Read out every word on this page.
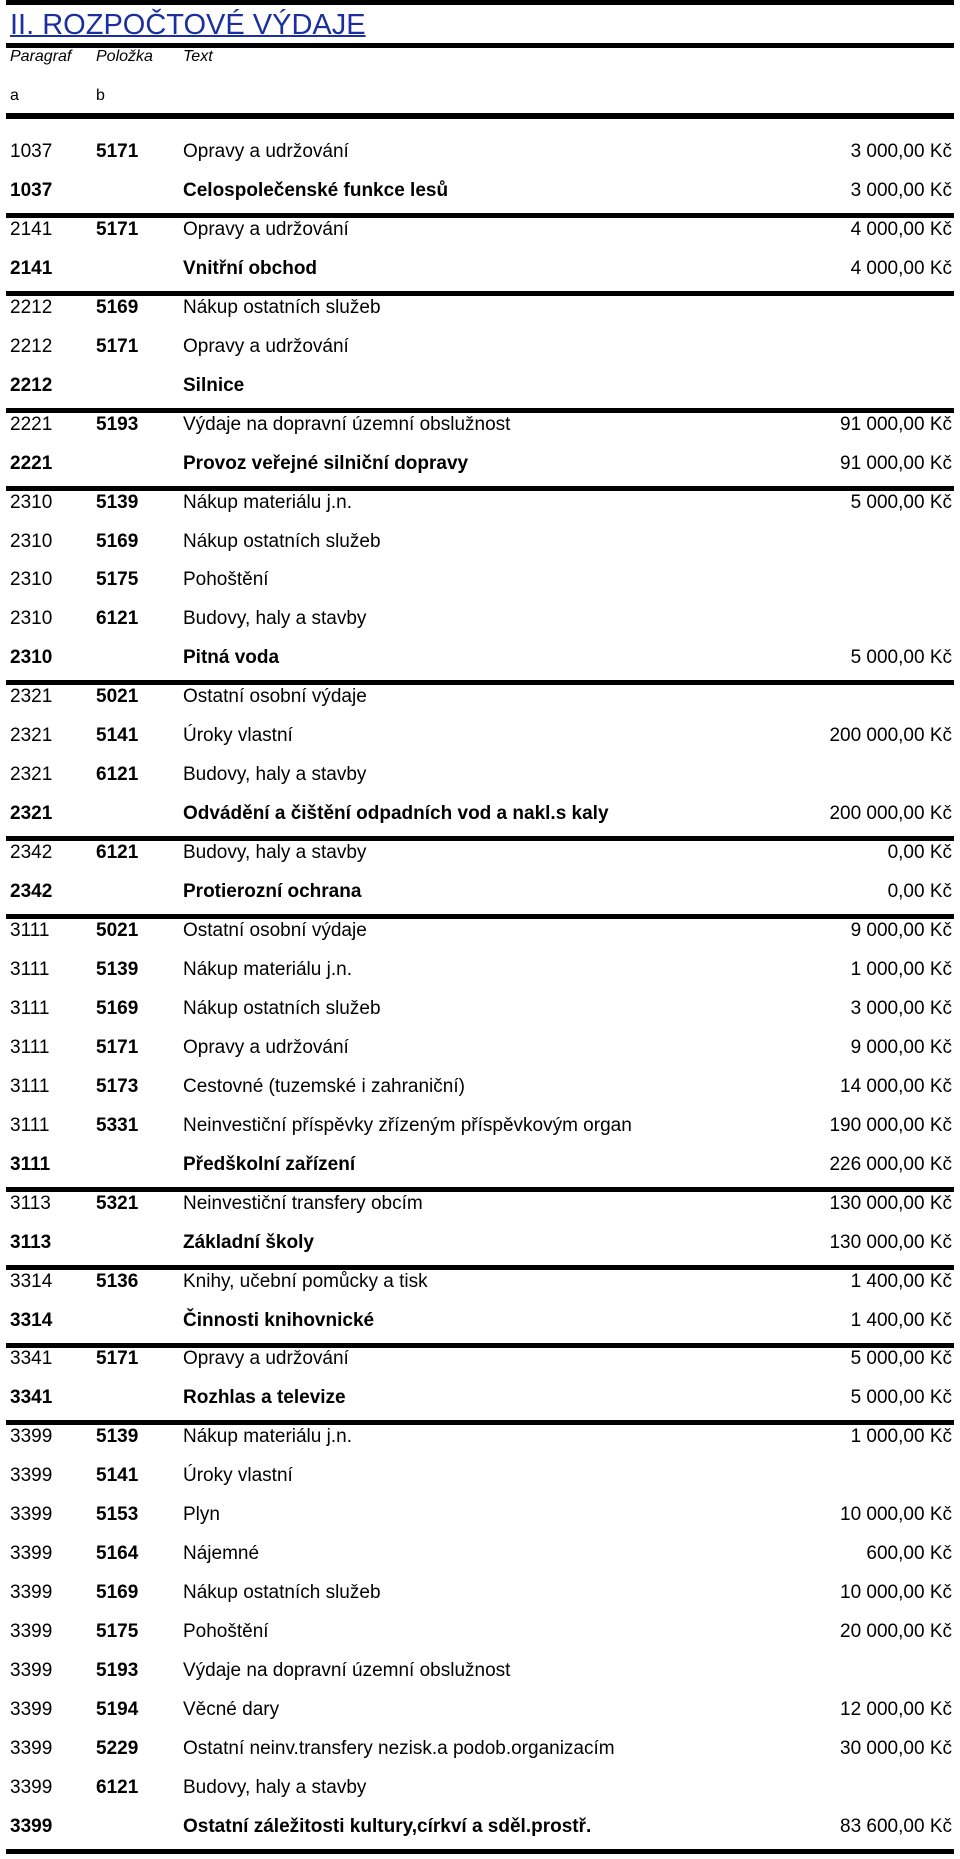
II. ROZPOČTOVÉ VÝDAJE
Paragraf Položka Text
a	b
1037 5171 Opravy a udržování	3 000,00 Kč
1037	Celospolečenské funkce lesů	3 000,00 Kč
2141 5171 Opravy a udržování	4 000,00 Kč
2141	Vnitřní obchod	4 000,00 Kč
2212 5169 Nákup ostatních služeb
2212 5171 Opravy a udržování
2212	Silnice
2221 5193 Výdaje na dopravní územní obslužnost	91 000,00 Kč
2221	Provoz veřejné silniční dopravy	91 000,00 Kč
2310 5139 Nákup materiálu j.n.	5 000,00 Kč
2310 5169 Nákup ostatních služeb
2310 5175 Pohoštění
2310 6121 Budovy, haly a stavby
2310	Pitná voda	5 000,00 Kč
2321 5021 Ostatní osobní výdaje
2321 5141 Úroky vlastní	200 000,00 Kč
2321 6121 Budovy, haly a stavby
2321	Odvádění a čištění odpadních vod a nakl.s kaly	200 000,00 Kč
2342 6121 Budovy, haly a stavby	0,00 Kč
2342	Protierozní ochrana	0,00 Kč
3111 5021 Ostatní osobní výdaje	9 000,00 Kč
3111 5139 Nákup materiálu j.n.	1 000,00 Kč
3111 5169 Nákup ostatních služeb	3 000,00 Kč
3111 5171 Opravy a udržování	9 000,00 Kč
3111 5173 Cestovné (tuzemské i zahraniční)	14 000,00 Kč
3111 5331 Neinvestiční příspěvky zřízeným příspěvkovým organ	190 000,00 Kč
3111	Předškolní zařízení	226 000,00 Kč
3113 5321 Neinvestiční transfery obcím	130 000,00 Kč
3113	Základní školy	130 000,00 Kč
3314 5136 Knihy, učební pomůcky a tisk	1 400,00 Kč
3314	Činnosti knihovnické	1 400,00 Kč
3341 5171 Opravy a udržování	5 000,00 Kč
3341	Rozhlas a televize	5 000,00 Kč
3399 5139 Nákup materiálu j.n.	1 000,00 Kč
3399 5141 Úroky vlastní
3399 5153 Plyn	10 000,00 Kč
3399 5164 Nájemné	600,00 Kč
3399 5169 Nákup ostatních služeb	10 000,00 Kč
3399 5175 Pohoštění	20 000,00 Kč
3399 5193 Výdaje na dopravní územní obslužnost
3399 5194 Věcné dary	12 000,00 Kč
3399 5229 Ostatní neinv.transfery nezisk.a podob.organizacím	30 000,00 Kč
3399 6121 Budovy, haly a stavby
3399	Ostatní záležitosti kultury,církví a sděl.prostř.	83 600,00 Kč
